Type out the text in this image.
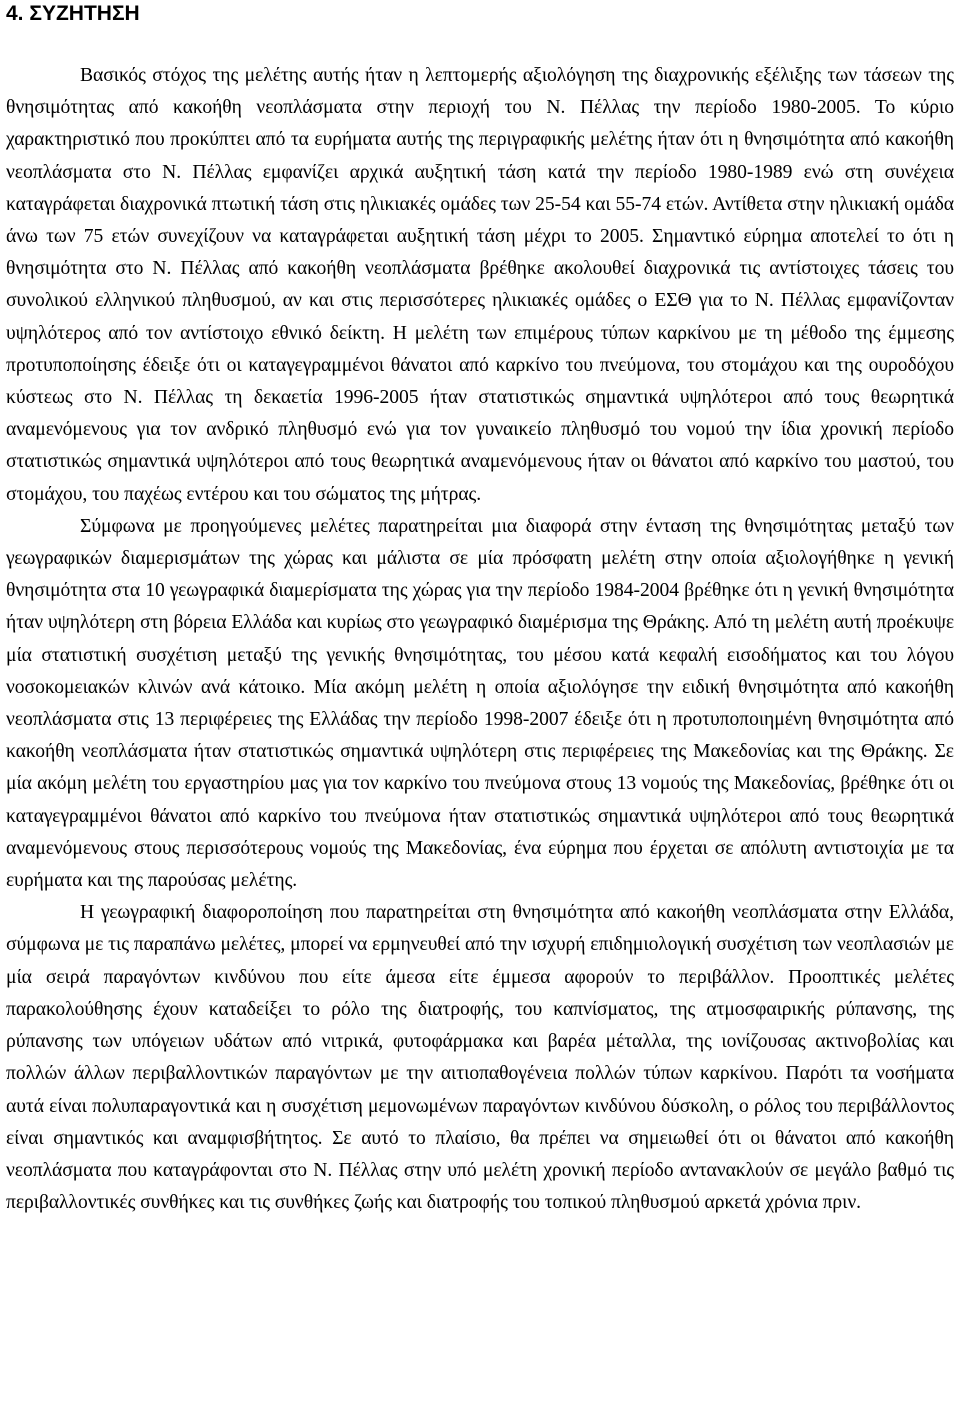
4. ΣΥΖΗΤΗΣΗ

Βασικός στόχος της μελέτης αυτής ήταν η λεπτομερής αξιολόγηση της διαχρονικής εξέλιξης των τάσεων της θνησιμότητας από κακοήθη νεοπλάσματα στην περιοχή του Ν. Πέλλας την περίοδο 1980-2005. Το κύριο χαρακτηριστικό που προκύπτει από τα ευρήματα αυτής της περιγραφικής μελέτης ήταν ότι η θνησιμότητα από κακοήθη νεοπλάσματα στο Ν. Πέλλας εμφανίζει αρχικά αυξητική τάση κατά την περίοδο 1980-1989 ενώ στη συνέχεια καταγράφεται διαχρονικά πτωτική τάση στις ηλικιακές ομάδες των 25-54 και 55-74 ετών. Αντίθετα στην ηλικιακή ομάδα άνω των 75 ετών συνεχίζουν να καταγράφεται αυξητική τάση μέχρι το 2005. Σημαντικό εύρημα αποτελεί το ότι η θνησιμότητα στο Ν. Πέλλας από κακοήθη νεοπλάσματα βρέθηκε ακολουθεί διαχρονικά τις αντίστοιχες τάσεις του συνολικού ελληνικού πληθυσμού, αν και στις περισσότερες ηλικιακές ομάδες ο ΕΣΘ για το Ν. Πέλλας εμφανίζονταν υψηλότερος από τον αντίστοιχο εθνικό δείκτη. Η μελέτη των επιμέρους τύπων καρκίνου με τη μέθοδο της έμμεσης προτυποποίησης έδειξε ότι οι καταγεγραμμένοι θάνατοι από καρκίνο του πνεύμονα, του στομάχου και της ουροδόχου κύστεως στο Ν. Πέλλας τη δεκαετία 1996-2005 ήταν στατιστικώς σημαντικά υψηλότεροι από τους θεωρητικά αναμενόμενους για τον ανδρικό πληθυσμό ενώ για τον γυναικείο πληθυσμό του νομού την ίδια χρονική περίοδο στατιστικώς σημαντικά υψηλότεροι από τους θεωρητικά αναμενόμενους ήταν οι θάνατοι από καρκίνο του μαστού, του στομάχου, του παχέως εντέρου και του σώματος της μήτρας.

Σύμφωνα με προηγούμενες μελέτες παρατηρείται μια διαφορά στην ένταση της θνησιμότητας μεταξύ των γεωγραφικών διαμερισμάτων της χώρας και μάλιστα σε μία πρόσφατη μελέτη στην οποία αξιολογήθηκε η γενική θνησιμότητα στα 10 γεωγραφικά διαμερίσματα της χώρας για την περίοδο 1984-2004 βρέθηκε ότι η γενική θνησιμότητα ήταν υψηλότερη στη βόρεια Ελλάδα και κυρίως στο γεωγραφικό διαμέρισμα της Θράκης. Από τη μελέτη αυτή προέκυψε μία στατιστική συσχέτιση μεταξύ της γενικής θνησιμότητας, του μέσου κατά κεφαλή εισοδήματος και του λόγου νοσοκομειακών κλινών ανά κάτοικο. Μία ακόμη μελέτη η οποία αξιολόγησε την ειδική θνησιμότητα από κακοήθη νεοπλάσματα στις 13 περιφέρειες της Ελλάδας την περίοδο 1998-2007 έδειξε ότι η προτυποποιημένη θνησιμότητα από κακοήθη νεοπλάσματα ήταν στατιστικώς σημαντικά υψηλότερη στις περιφέρειες της Μακεδονίας και της Θράκης. Σε μία ακόμη μελέτη του εργαστηρίου μας για τον καρκίνο του πνεύμονα στους 13 νομούς της Μακεδονίας, βρέθηκε ότι οι καταγεγραμμένοι θάνατοι από καρκίνο του πνεύμονα ήταν στατιστικώς σημαντικά υψηλότεροι από τους θεωρητικά αναμενόμενους στους περισσότερους νομούς της Μακεδονίας, ένα εύρημα που έρχεται σε απόλυτη αντιστοιχία με τα ευρήματα και της παρούσας μελέτης.

Η γεωγραφική διαφοροποίηση που παρατηρείται στη θνησιμότητα από κακοήθη νεοπλάσματα στην Ελλάδα, σύμφωνα με τις παραπάνω μελέτες, μπορεί να ερμηνευθεί από την ισχυρή επιδημιολογική συσχέτιση των νεοπλασιών με μία σειρά παραγόντων κινδύνου που είτε άμεσα είτε έμμεσα αφορούν το περιβάλλον. Προοπτικές μελέτες παρακολούθησης έχουν καταδείξει το ρόλο της διατροφής, του καπνίσματος, της ατμοσφαιρικής ρύπανσης, της ρύπανσης των υπόγειων υδάτων από νιτρικά, φυτοφάρμακα και βαρέα μέταλλα, της ιονίζουσας ακτινοβολίας και πολλών άλλων περιβαλλοντικών παραγόντων με την αιτιοπαθογένεια πολλών τύπων καρκίνου. Παρότι τα νοσήματα αυτά είναι πολυπαραγοντικά και η συσχέτιση μεμονωμένων παραγόντων κινδύνου δύσκολη, ο ρόλος του περιβάλλοντος είναι σημαντικός και αναμφισβήτητος. Σε αυτό το πλαίσιο, θα πρέπει να σημειωθεί ότι οι θάνατοι από κακοήθη νεοπλάσματα που καταγράφονται στο Ν. Πέλλας στην υπό μελέτη χρονική περίοδο αντανακλούν σε μεγάλο βαθμό τις περιβαλλοντικές συνθήκες και τις συνθήκες ζωής και διατροφής του τοπικού πληθυσμού αρκετά χρόνια πριν.
